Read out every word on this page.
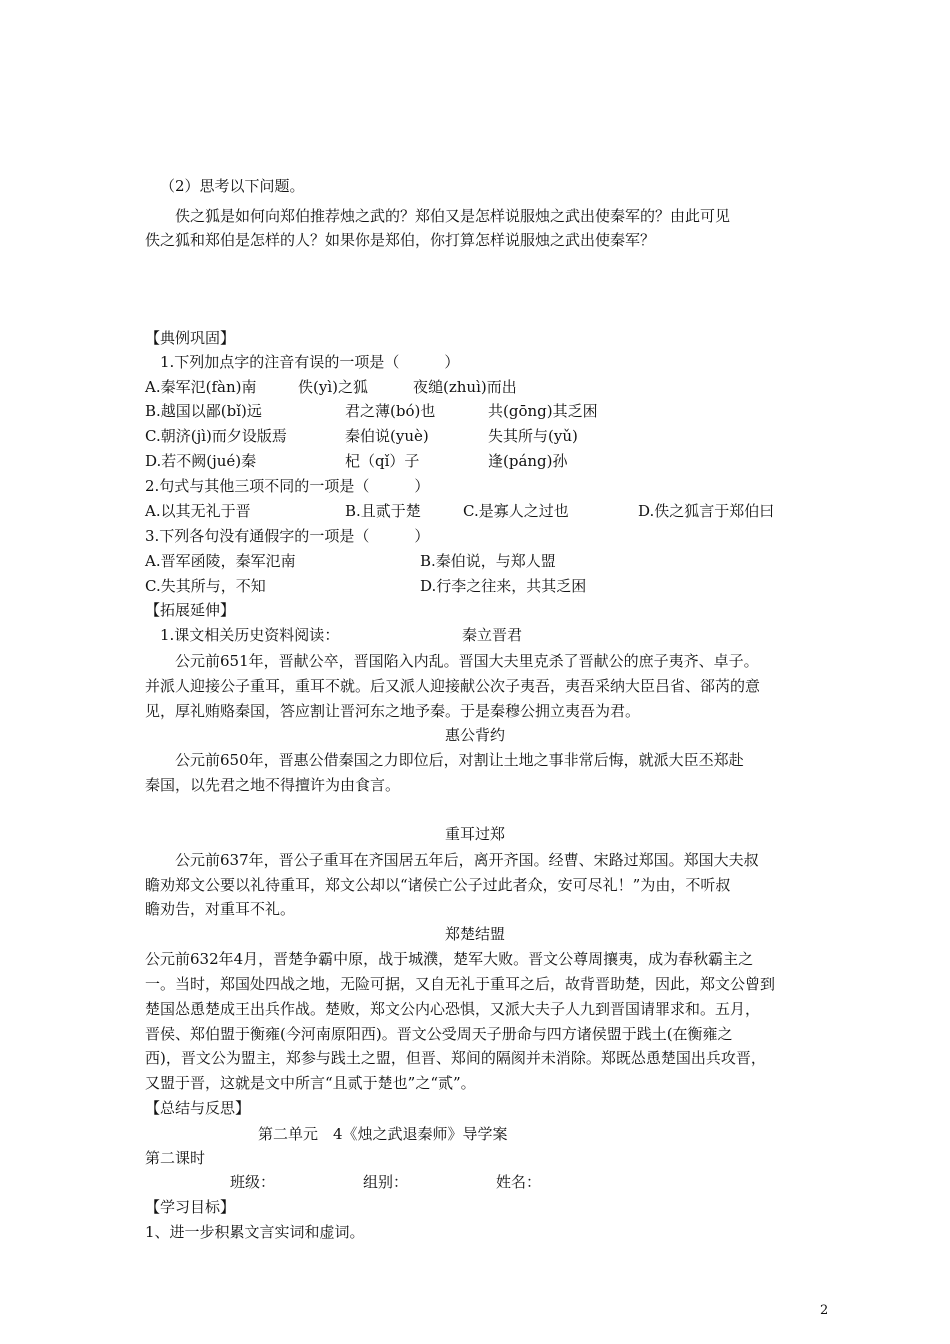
（2）思考以下问题。
佚之狐是如何向郑伯推荐烛之武的？郑伯又是怎样说服烛之武出使秦军的？由此可见
佚之狐和郑伯是怎样的人？如果你是郑伯，你打算怎样说服烛之武出使秦军？
【典例巩固】
1.下列加点字的注音有误的一项是（　　　）
A.秦军氾(fàn)南	佚(yì)之狐	夜缒(zhuì)而出
B.越国以鄙(bǐ)远	君之薄(bó)也	共(gōng)其乏困
C.朝济(jì)而夕设版焉	秦伯说(yuè)	失其所与(yǔ)
D.若不阙(jué)秦	杞（qǐ）子	逢(páng)孙
2.句式与其他三项不同的一项是（　　　）
A.以其无礼于晋	B.且贰于楚	C.是寡人之过也	D.佚之狐言于郑伯曰
3.下列各句没有通假字的一项是（　　　）
A.晋军函陵，秦军氾南	B.秦伯说，与郑人盟
C.失其所与，不知	D.行李之往来，共其乏困
【拓展延伸】
1.课文相关历史资料阅读：	秦立晋君
公元前651年，晋献公卒，晋国陷入内乱。晋国大夫里克杀了晋献公的庶子夷齐、卓子。
并派人迎接公子重耳，重耳不就。后又派人迎接献公次子夷吾，夷吾采纳大臣吕省、郤芮的意
见，厚礼贿赂秦国，答应割让晋河东之地予秦。于是秦穆公拥立夷吾为君。
惠公背约
公元前650年，晋惠公借秦国之力即位后，对割让土地之事非常后悔，就派大臣丕郑赴
秦国，以先君之地不得擅许为由食言。
重耳过郑
公元前637年，晋公子重耳在齐国居五年后，离开齐国。经曹、宋路过郑国。郑国大夫叔
瞻劝郑文公要以礼待重耳，郑文公却以“诸侯亡公子过此者众，安可尽礼！”为由，不听叔
瞻劝告，对重耳不礼。
郑楚结盟
公元前632年4月，晋楚争霸中原，战于城濮，楚军大败。晋文公尊周攘夷，成为春秋霸主之
一。当时，郑国处四战之地，无险可据，又自无礼于重耳之后，故背晋助楚，因此，郑文公曾到
楚国怂恿楚成王出兵作战。楚败，郑文公内心恐惧，又派大夫子人九到晋国请罪求和。五月，
晋侯、郑伯盟于衡雍(今河南原阳西)。晋文公受周天子册命与四方诸侯盟于践土(在衡雍之
西)，晋文公为盟主，郑参与践土之盟，但晋、郑间的隔阂并未消除。郑既怂恿楚国出兵攻晋，
又盟于晋，这就是文中所言“且贰于楚也”之“贰”。
【总结与反思】
第二单元　4《烛之武退秦师》导学案
第二课时
班级：	组别：	姓名：
【学习目标】
1、进一步积累文言实词和虚词。
2
